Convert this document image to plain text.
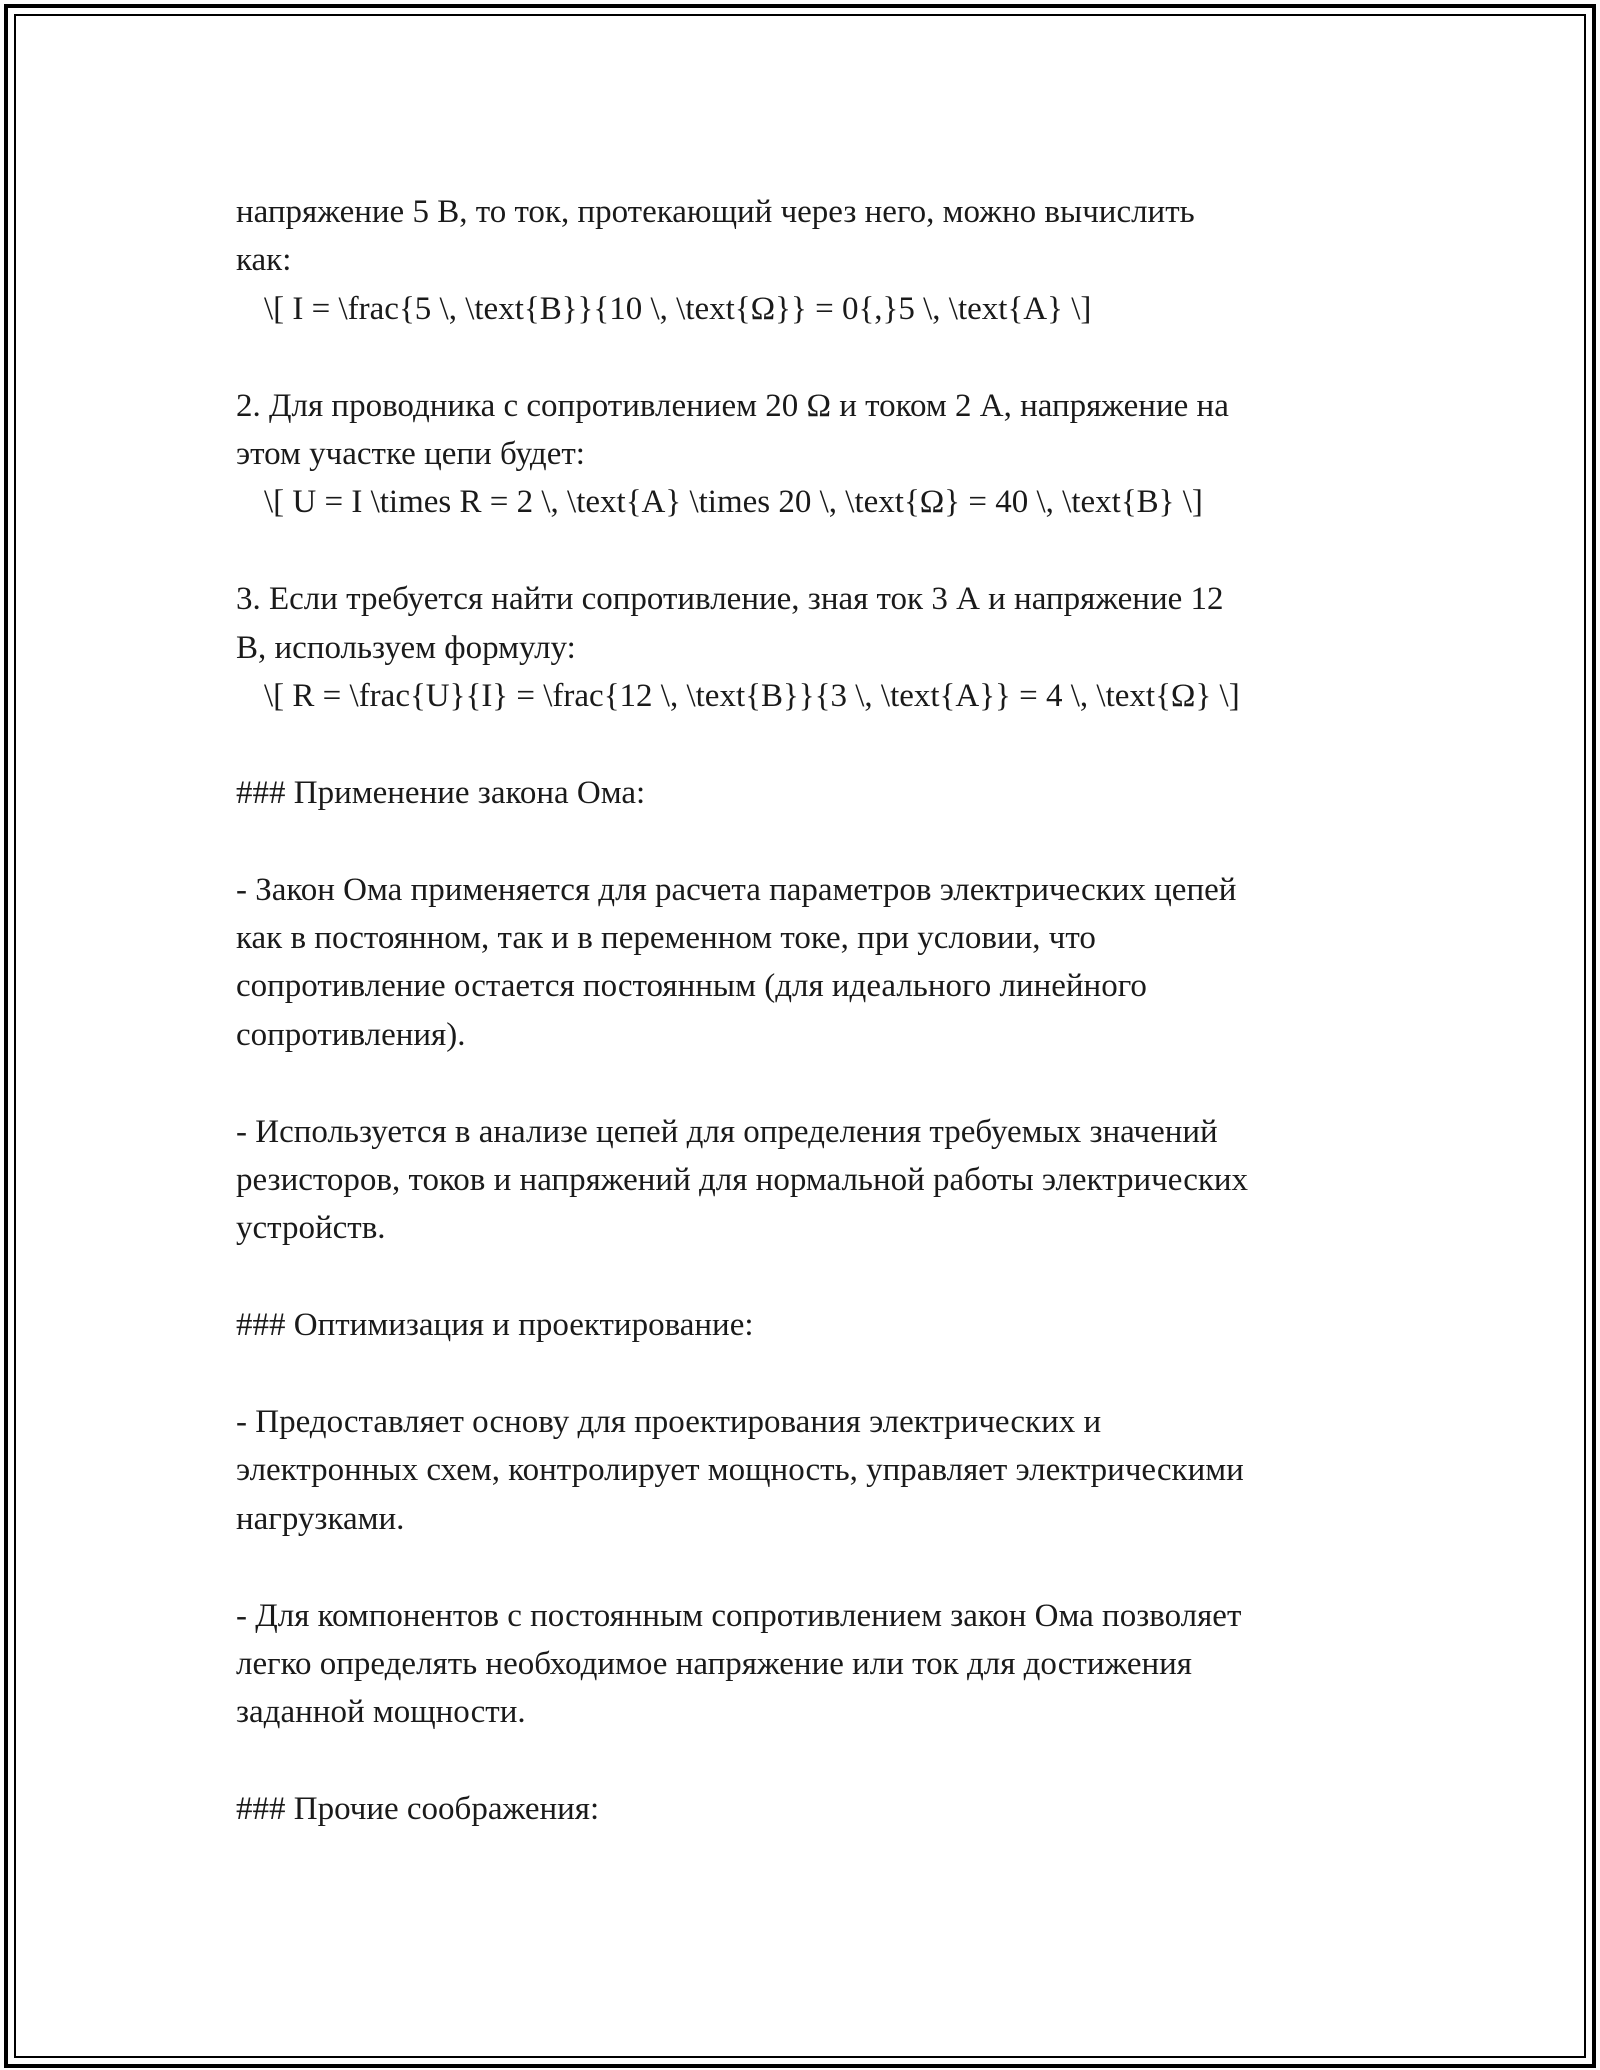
напряжение 5 В, то ток, протекающий через него, можно вычислить
как:
\[ I = \frac{5 \, \text{В}}{10 \, \text{Ω}} = 0{,}5 \, \text{А} \]
2. Для проводника с сопротивлением 20 Ω и током 2 А, напряжение на
этом участке цепи будет:
\[ U = I \times R = 2 \, \text{А} \times 20 \, \text{Ω} = 40 \, \text{В} \]
3. Если требуется найти сопротивление, зная ток 3 А и напряжение 12
В, используем формулу:
\[ R = \frac{U}{I} = \frac{12 \, \text{В}}{3 \, \text{А}} = 4 \, \text{Ω} \]
### Применение закона Ома:
- Закон Ома применяется для расчета параметров электрических цепей
как в постоянном, так и в переменном токе, при условии, что
сопротивление остается постоянным (для идеального линейного
сопротивления).
- Используется в анализе цепей для определения требуемых значений
резисторов, токов и напряжений для нормальной работы электрических
устройств.
### Оптимизация и проектирование:
- Предоставляет основу для проектирования электрических и
электронных схем, контролирует мощность, управляет электрическими
нагрузками.
- Для компонентов с постоянным сопротивлением закон Ома позволяет
легко определять необходимое напряжение или ток для достижения
заданной мощности.
### Прочие соображения:
